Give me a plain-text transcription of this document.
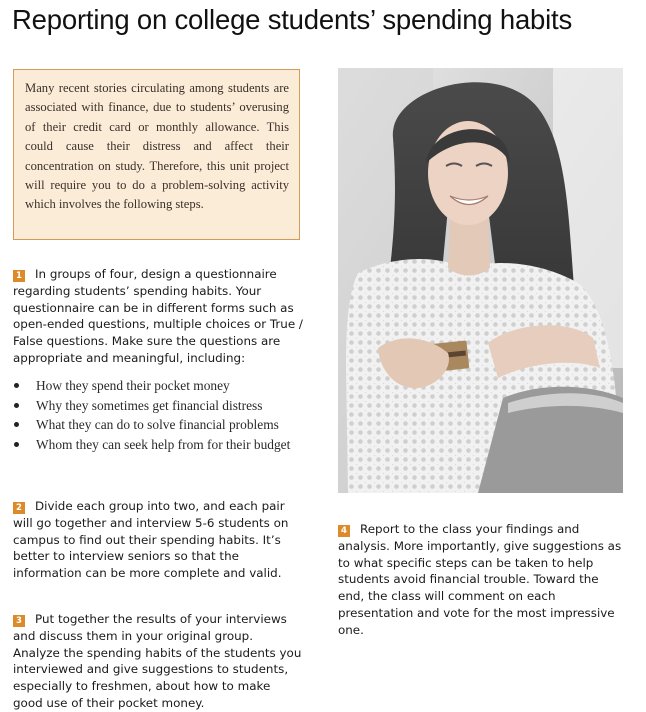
Reporting on college students’ spending habits

Many recent stories circulating among students are associated with finance, due to students’ overusing of their credit card or monthly allowance. This could cause their distress and affect their concentration on study. Therefore, this unit project will require you to do a problem-solving activity which involves the following steps.

1 In groups of four, design a questionnaire regarding students’ spending habits. Your questionnaire can be in different forms such as open-ended questions, multiple choices or True / False questions. Make sure the questions are appropriate and meaningful, including:

How they spend their pocket money
Why they sometimes get financial distress
What they can do to solve financial problems
Whom they can seek help from for their budget

2 Divide each group into two, and each pair will go together and interview 5-6 students on campus to find out their spending habits. It’s better to interview seniors so that the information can be more complete and valid.

3 Put together the results of your interviews and discuss them in your original group. Analyze the spending habits of the students you interviewed and give suggestions to students, especially to freshmen, about how to make good use of their pocket money.

4 Report to the class your findings and analysis. More importantly, give suggestions as to what specific steps can be taken to help students avoid financial trouble. Toward the end, the class will comment on each presentation and vote for the most impressive one.
